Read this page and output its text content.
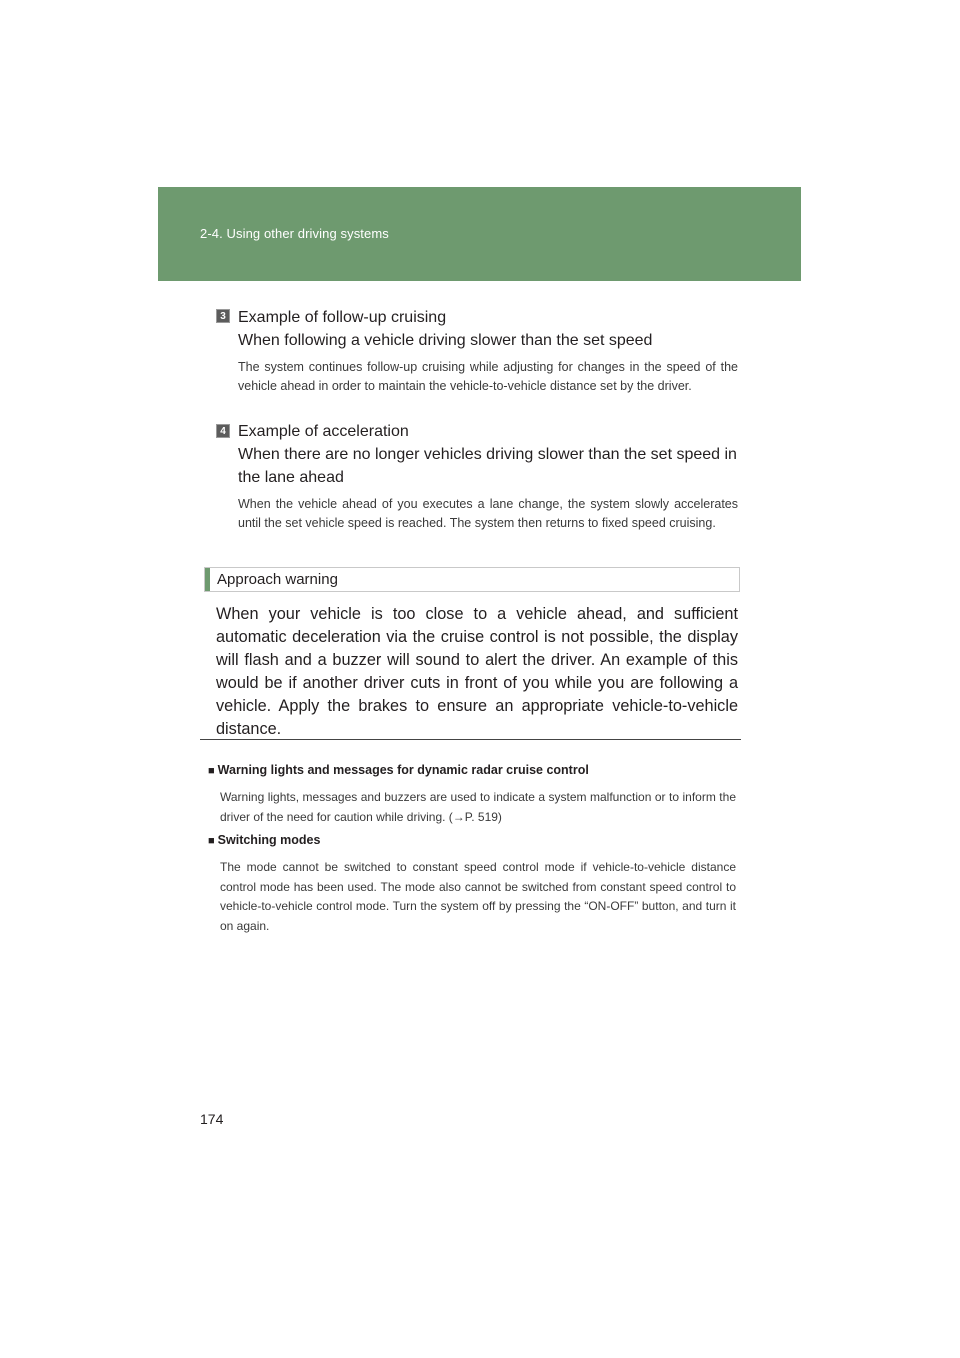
2-4. Using other driving systems
3 Example of follow-up cruising
When following a vehicle driving slower than the set speed
The system continues follow-up cruising while adjusting for changes in the speed of the vehicle ahead in order to maintain the vehicle-to-vehicle distance set by the driver.
4 Example of acceleration
When there are no longer vehicles driving slower than the set speed in the lane ahead
When the vehicle ahead of you executes a lane change, the system slowly accelerates until the set vehicle speed is reached. The system then returns to fixed speed cruising.
Approach warning
When your vehicle is too close to a vehicle ahead, and sufficient automatic deceleration via the cruise control is not possible, the display will flash and a buzzer will sound to alert the driver. An example of this would be if another driver cuts in front of you while you are following a vehicle. Apply the brakes to ensure an appropriate vehicle-to-vehicle distance.
■ Warning lights and messages for dynamic radar cruise control
Warning lights, messages and buzzers are used to indicate a system malfunction or to inform the driver of the need for caution while driving. (→P. 519)
■ Switching modes
The mode cannot be switched to constant speed control mode if vehicle-to-vehicle distance control mode has been used. The mode also cannot be switched from constant speed control to vehicle-to-vehicle control mode. Turn the system off by pressing the “ON-OFF” button, and turn it on again.
174
